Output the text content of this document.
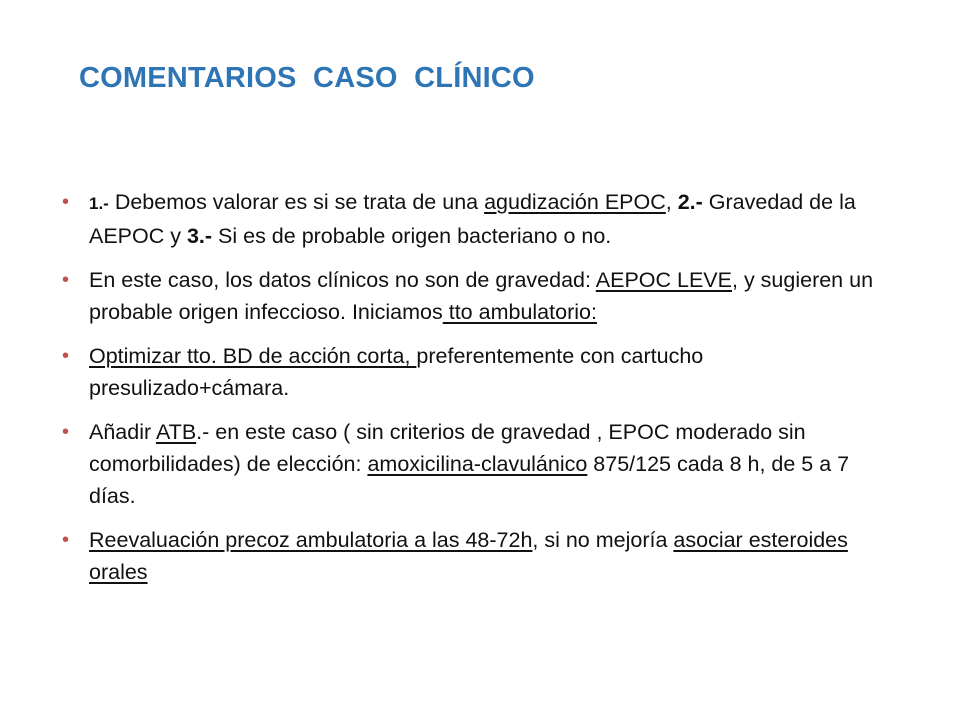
COMENTARIOS  CASO  CLÍNICO
• 1.- Debemos valorar es si se trata de una agudización EPOC, 2.- Gravedad de la AEPOC y 3.- Si es de probable origen bacteriano o no.
• En este caso, los datos clínicos no son de gravedad: AEPOC LEVE, y sugieren un probable origen infeccioso. Iniciamos tto ambulatorio:
• Optimizar tto. BD de acción corta, preferentemente con cartucho presulizado+cámara.
• Añadir ATB.- en este caso ( sin criterios de gravedad , EPOC moderado sin comorbilidades) de elección: amoxicilina-clavulánico 875/125 cada 8 h, de 5 a 7 días.
• Reevaluación precoz ambulatoria a las 48-72h, si no mejoría asociar esteroides orales
